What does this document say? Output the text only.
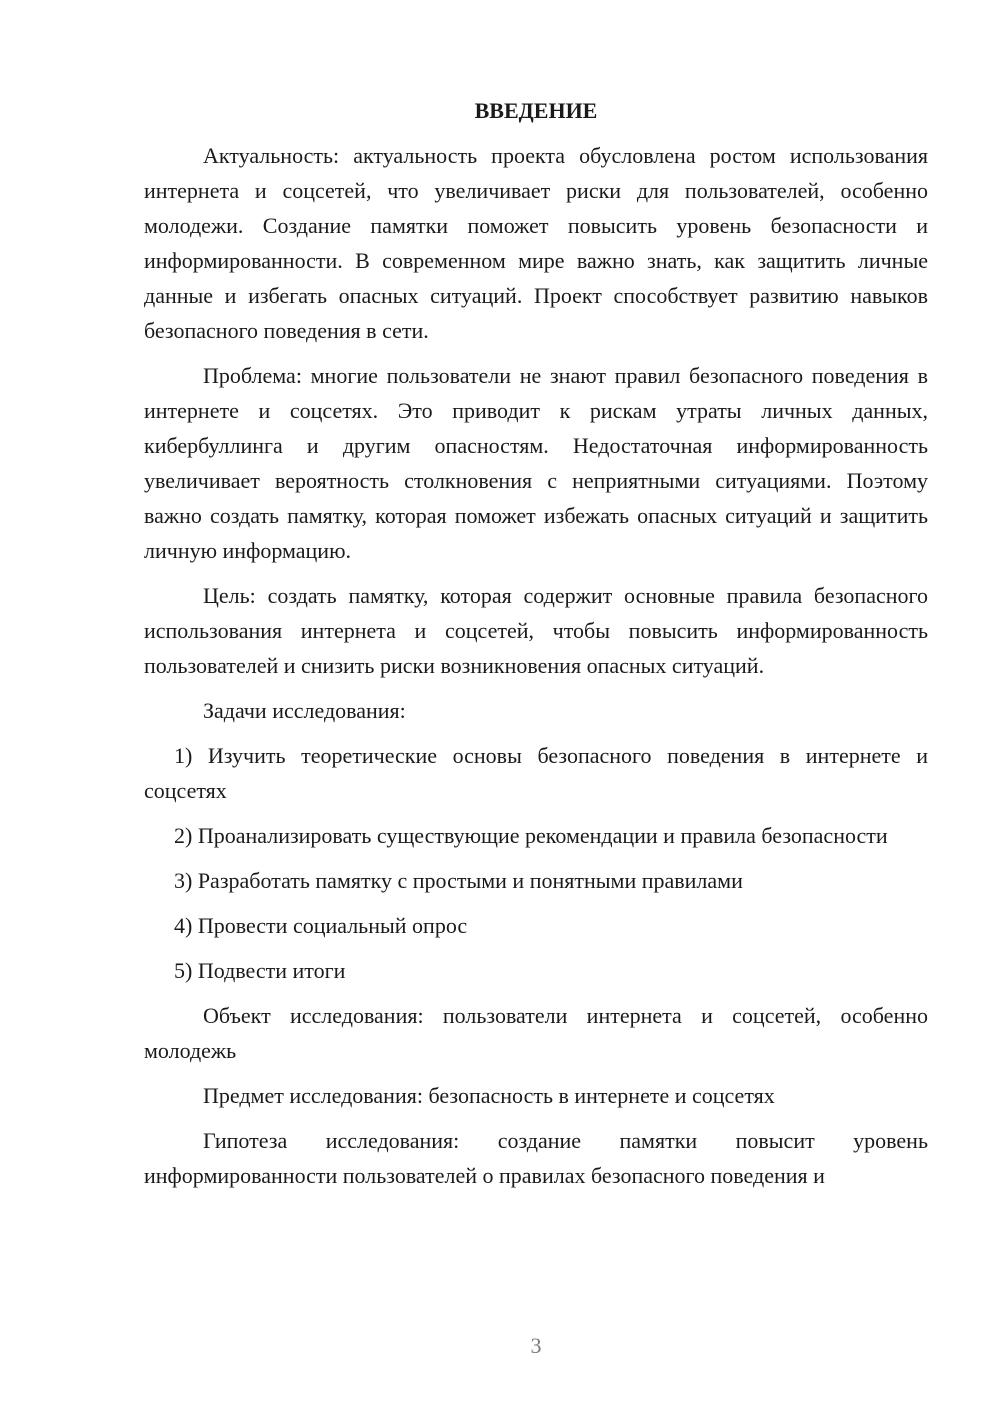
ВВЕДЕНИЕ

Актуальность: актуальность проекта обусловлена ростом использования интернета и соцсетей, что увеличивает риски для пользователей, особенно молодежи. Создание памятки поможет повысить уровень безопасности и информированности. В современном мире важно знать, как защитить личные данные и избегать опасных ситуаций. Проект способствует развитию навыков безопасного поведения в сети.

Проблема: многие пользователи не знают правил безопасного поведения в интернете и соцсетях. Это приводит к рискам утраты личных данных, кибербуллинга и другим опасностям. Недостаточная информированность увеличивает вероятность столкновения с неприятными ситуациями. Поэтому важно создать памятку, которая поможет избежать опасных ситуаций и защитить личную информацию.

Цель: создать памятку, которая содержит основные правила безопасного использования интернета и соцсетей, чтобы повысить информированность пользователей и снизить риски возникновения опасных ситуаций.

Задачи исследования:

1) Изучить теоретические основы безопасного поведения в интернете и соцсетях

2) Проанализировать существующие рекомендации и правила безопасности

3) Разработать памятку с простыми и понятными правилами

4) Провести социальный опрос

5) Подвести итоги

Объект исследования: пользователи интернета и соцсетей, особенно молодежь

Предмет исследования: безопасность в интернете и соцсетях

Гипотеза исследования: создание памятки повысит уровень информированности пользователей о правилах безопасного поведения и

3
